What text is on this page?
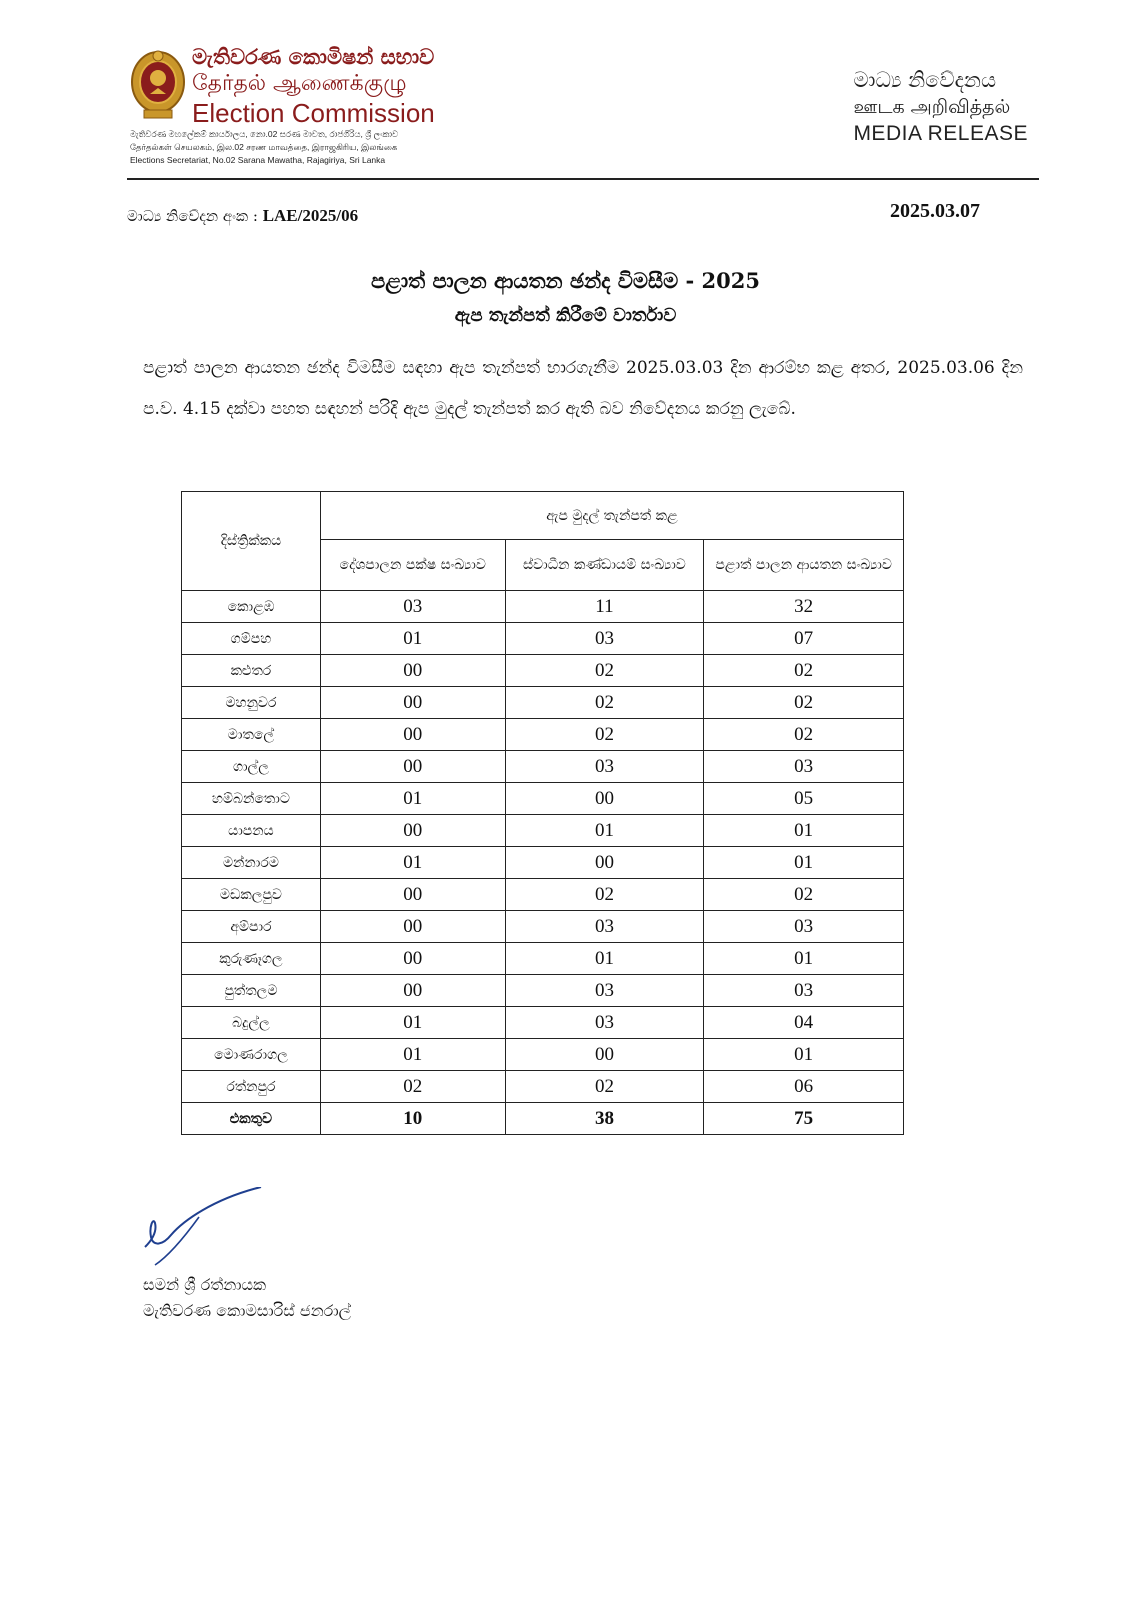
මැතිවරණ කොමිෂන් සභාව
தேர்தல் ஆணைக்குழு
Election Commission
මැතිවරණ මහලේකම් කාර්යාලය, නො.02 සරණ මාවත, රාජගිරිය, ශ්‍රී ලංකාව
தேர்தல்கள் செயலகம், இல.02 சரண மாவத்தை, இராஜகிரிய, இலங்கை
Elections Secretariat, No.02 Sarana Mawatha, Rajagiriya, Sri Lanka
මාධ්‍ය නිවේදනය
ஊடக அறிவித்தல்
MEDIA RELEASE
මාධ්‍ය නිවේදන අංක : LAE/2025/06	2025.03.07
පළාත් පාලන ආයතන ඡන්ද විමසීම - 2025
ඇප තැන්පත් කිරීමේ වාර්තාව
පළාත් පාලන ආයතන ඡන්ද විමසීම සඳහා ඇප තැන්පත් භාරගැනීම 2025.03.03 දින ආරම්භ කළ අතර, 2025.03.06 දින ප.ව. 4.15 දක්වා පහත සඳහන් පරිදි ඇප මුදල් තැන්පත් කර ඇති බව නිවේදනය කරනු ලැබේ.
දිස්ත්‍රික්කය	ඇප මුදල් තැන්පත් කළ		
	දේශපාලන පක්ෂ සංඛ්‍යාව	ස්වාධීන කණ්ඩායම් සංඛ්‍යාව	පළාත් පාලන ආයතන සංඛ්‍යාව
කොළඹ	03	11	32
ගම්පහ	01	03	07
කළුතර	00	02	02
මහනුවර	00	02	02
මාතලේ	00	02	02
ගාල්ල	00	03	03
හම්බන්තොට	01	00	05
යාපනය	00	01	01
මන්නාරම	01	00	01
මඩකලපුව	00	02	02
අම්පාර	00	03	03
කුරුණෑගල	00	01	01
පුත්තලම	00	03	03
බදුල්ල	01	03	04
මොණරාගල	01	00	01
රත්නපුර	02	02	06
එකතුව	10	38	75
සමන් ශ්‍රී රත්නායක
මැතිවරණ කොමසාරිස් ජනරාල්
